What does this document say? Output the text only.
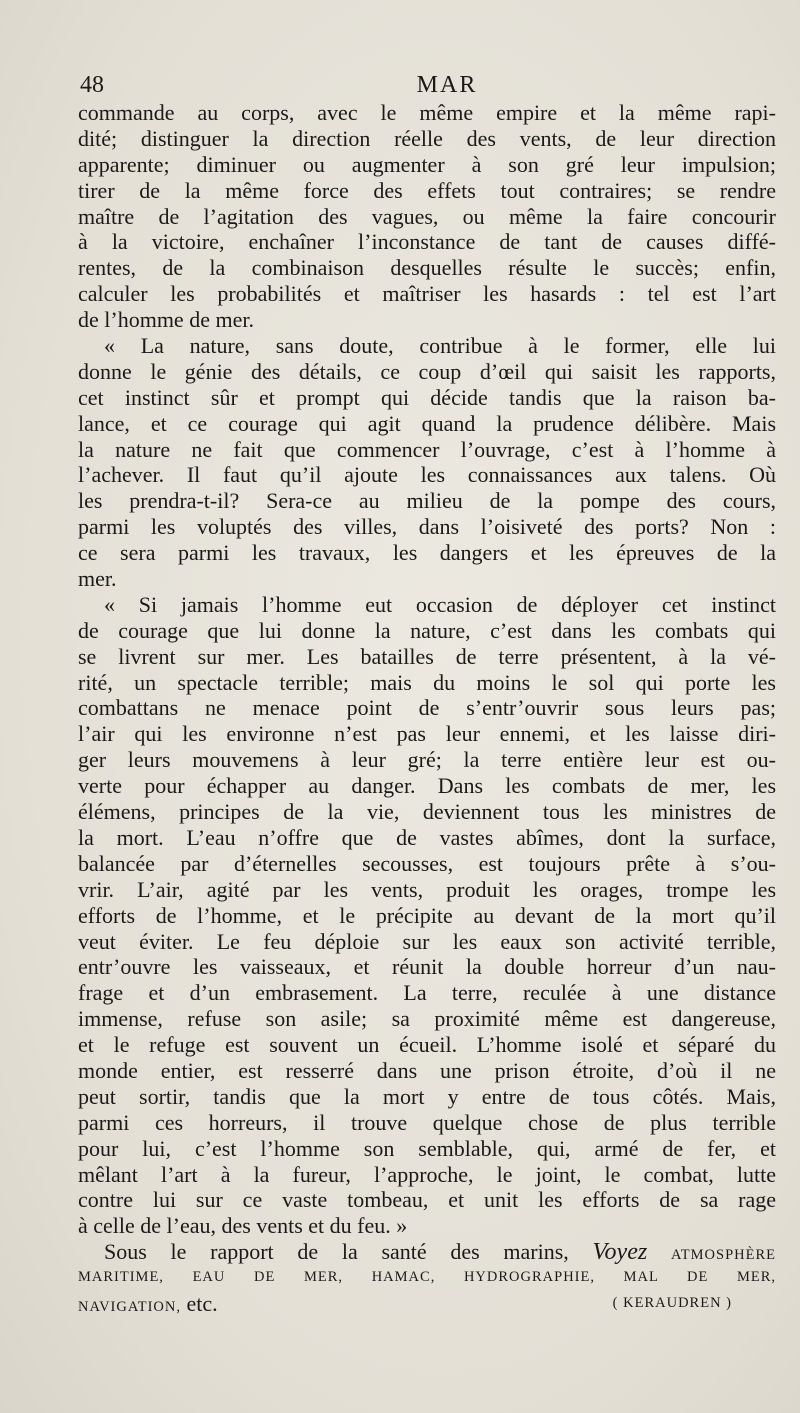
48	MAR
commande au corps, avec le même empire et la même rapi-
dité; distinguer la direction réelle des vents, de leur direction
apparente; diminuer ou augmenter à son gré leur impulsion;
tirer de la même force des effets tout contraires; se rendre
maître de l’agitation des vagues, ou même la faire concourir
à la victoire, enchaîner l’inconstance de tant de causes diffé-
rentes, de la combinaison desquelles résulte le succès; enfin,
calculer les probabilités et maîtriser les hasards : tel est l’art
de l’homme de mer.
« La nature, sans doute, contribue à le former, elle lui
donne le génie des détails, ce coup d’œil qui saisit les rapports,
cet instinct sûr et prompt qui décide tandis que la raison ba-
lance, et ce courage qui agit quand la prudence délibère. Mais
la nature ne fait que commencer l’ouvrage, c’est à l’homme à
l’achever. Il faut qu’il ajoute les connaissances aux talens. Où
les prendra-t-il? Sera-ce au milieu de la pompe des cours,
parmi les voluptés des villes, dans l’oisiveté des ports? Non :
ce sera parmi les travaux, les dangers et les épreuves de la
mer.
« Si jamais l’homme eut occasion de déployer cet instinct
de courage que lui donne la nature, c’est dans les combats qui
se livrent sur mer. Les batailles de terre présentent, à la vé-
rité, un spectacle terrible; mais du moins le sol qui porte les
combattans ne menace point de s’entr’ouvrir sous leurs pas;
l’air qui les environne n’est pas leur ennemi, et les laisse diri-
ger leurs mouvemens à leur gré; la terre entière leur est ou-
verte pour échapper au danger. Dans les combats de mer, les
élémens, principes de la vie, deviennent tous les ministres de
la mort. L’eau n’offre que de vastes abîmes, dont la surface,
balancée par d’éternelles secousses, est toujours prête à s’ou-
vrir. L’air, agité par les vents, produit les orages, trompe les
efforts de l’homme, et le précipite au devant de la mort qu’il
veut éviter. Le feu déploie sur les eaux son activité terrible,
entr’ouvre les vaisseaux, et réunit la double horreur d’un nau-
frage et d’un embrasement. La terre, reculée à une distance
immense, refuse son asile; sa proximité même est dangereuse,
et le refuge est souvent un écueil. L’homme isolé et séparé du
monde entier, est resserré dans une prison étroite, d’où il ne
peut sortir, tandis que la mort y entre de tous côtés. Mais,
parmi ces horreurs, il trouve quelque chose de plus terrible
pour lui, c’est l’homme son semblable, qui, armé de fer, et
mêlant l’art à la fureur, l’approche, le joint, le combat, lutte
contre lui sur ce vaste tombeau, et unit les efforts de sa rage
à celle de l’eau, des vents et du feu. »
Sous le rapport de la santé des marins, Voyez ATMOSPHÈRE
MARITIME, EAU DE MER, HAMAC, HYDROGRAPHIE, MAL DE MER,
NAVIGATION, etc.	( KERAUDREN )
